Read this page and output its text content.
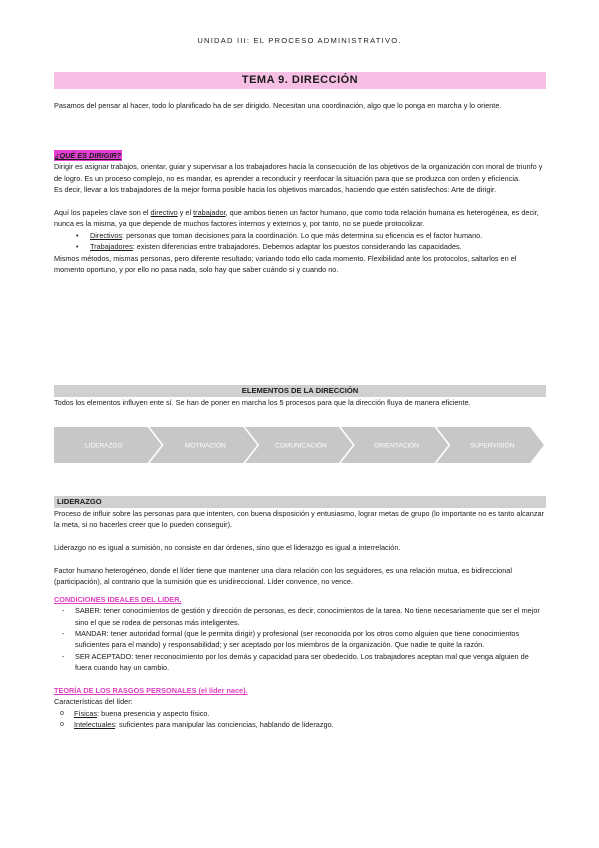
UNIDAD III: EL PROCESO ADMINISTRATIVO.
TEMA 9. DIRECCIÓN

Pasamos del pensar al hacer, todo lo planificado ha de ser dirigido. Necesitan una coordinación, algo que lo ponga en marcha y lo oriente.

¿QUÉ ES DIRIGIR?

Dirigir es asignar trabajos, orientar, guiar y supervisar a los trabajadores hacia la consecución de los objetivos de la organización con moral de triunfo y de logro. Es un proceso complejo, no es mandar, es aprender a reconducir y reenfocar la situación para que se produzca con orden y eficiencia.

Es decir, llevar a los trabajadores de la mejor forma posible hacia los objetivos marcados, haciendo que estén satisfechos: Arte de dirigir.

Aquí los papeles clave son el directivo y el trabajador, que ambos tienen un factor humano, que como toda relación humana es heterogénea, es decir, nunca es la misma, ya que depende de muchos factores internos y externos y, por tanto, no se puede protocolizar.

• Directivos: personas que toman decisiones para la coordinación. Lo que más determina su eficencia es el factor humano.
• Trabajadores: existen diferencias entre trabajadores. Debemos adaptar los puestos considerando las capacidades.

Mismos métodos, mismas personas, pero diferente resultado; variando todo ello cada momento. Flexibilidad ante los protocolos, saltarlos en el momento oportuno, y por ello no pasa nada, solo hay que saber cuándo sí y cuando no.

ELEMENTOS DE LA DIRECCIÓN

Todos los elementos influyen ente sí. Se han de poner en marcha los 5 procesos para que la dirección fluya de manera eficiente.

LIDERAZGO	MOTIVACIÓN	COMUNICACIÓN	ORIENTACIÓN	SUPERVISIÓN
LIDERAZGO

Proceso de influir sobre las personas para que intenten, con buena disposición y entusiasmo, lograr metas de grupo (lo importante no es tanto alcanzar la meta, si no hacerles creer que lo pueden conseguir).

Liderazgo no es igual a sumisión, no consiste en dar órdenes, sino que el liderazgo es igual a interrelación.

Factor humano heterogéneo, donde el líder tiene que mantener una clara relación con los seguidores, es una relación mutua, es bidireccional (participación), al contrario que la sumisión que es unidireccional. Líder convence, no vence.

CONDICIONES IDEALES DEL LIDER.

- SABER: tener conocimientos de gestión y dirección de personas, es decir, conocimientos de la tarea. No tiene necesariamente que ser el mejor sino el que se rodea de personas más inteligentes.
- MANDAR: tener autoridad formal (que le permita dirigir) y profesional (ser reconocida por los otros como alguien que tiene conocimientos suficientes para el mando) y responsabilidad; y ser aceptado por los miembros de la organización. Que nadie te quite la razón.
- SER ACEPTADO: tener reconocimiento por los demás y capacidad para ser obedecido. Los trabajadores aceptan mal que venga alguien de fuera cuando hay un cambio.

TEORÍA DE LOS RASGOS PERSONALES (el líder nace).

Características del líder:

o Físicas: buena presencia y aspecto físico.
o Intelectuales: suficientes para manipular las conciencias, hablando de liderazgo.
